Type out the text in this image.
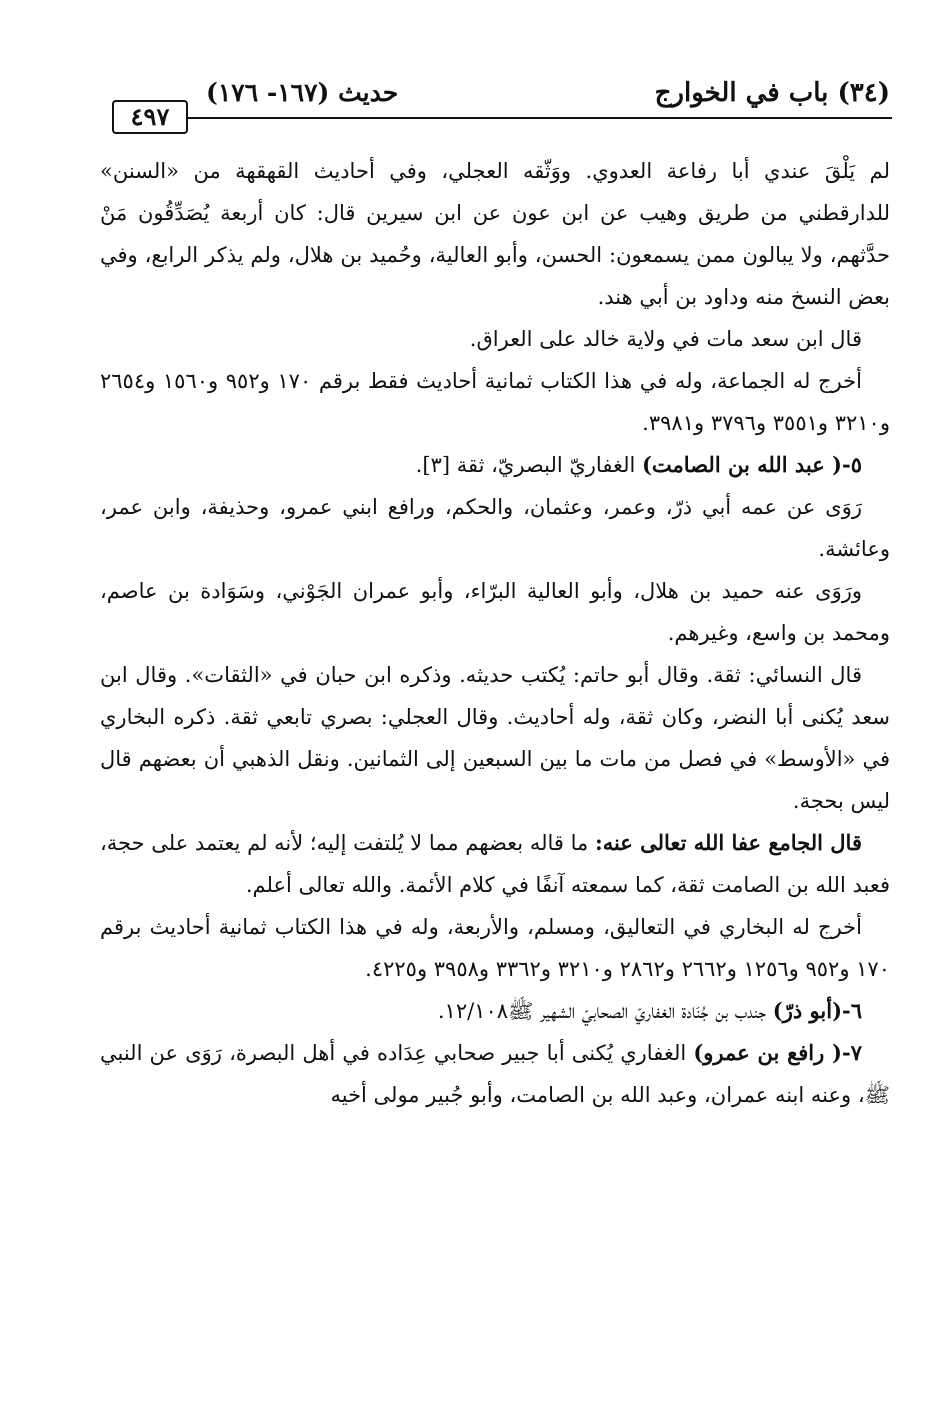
(٣٤) باب في الخوارج
حديث (١٦٧- ١٧٦)
٤٩٧

لم يَلْقَ عندي أبا رفاعة العدوي. ووَثّقه العجلي، وفي أحاديث القهقهة من «السنن» للدارقطني من طريق وهيب عن ابن عون عن ابن سيرين قال: كان أربعة يُصَدِّقُون مَنْ حدَّثهم، ولا يبالون ممن يسمعون: الحسن، وأبو العالية، وحُميد بن هلال، ولم يذكر الرابع، وفي بعض النسخ منه وداود بن أبي هند.

قال ابن سعد مات في ولاية خالد على العراق.

أخرج له الجماعة، وله في هذا الكتاب ثمانية أحاديث فقط برقم ١٧٠ و٩٥٢ و١٥٦٠ و٢٦٥٤ و٣٢١٠ و٣٥٥١ و٣٧٩٦ و٣٩٨١.

٥-( عبد الله بن الصامت) الغفاريّ البصريّ، ثقة [٣].

رَوَى عن عمه أبي ذرّ، وعمر، وعثمان، والحكم، ورافع ابني عمرو، وحذيفة، وابن عمر، وعائشة.

ورَوَى عنه حميد بن هلال، وأبو العالية البرّاء، وأبو عمران الجَوْني، وسَوَادة بن عاصم، ومحمد بن واسع، وغيرهم.

قال النسائي: ثقة. وقال أبو حاتم: يُكتب حديثه. وذكره ابن حبان في «الثقات». وقال ابن سعد يُكنى أبا النضر، وكان ثقة، وله أحاديث. وقال العجلي: بصري تابعي ثقة. ذكره البخاري في «الأوسط» في فصل من مات ما بين السبعين إلى الثمانين. ونقل الذهبي أن بعضهم قال ليس بحجة.

قال الجامع عفا الله تعالى عنه: ما قاله بعضهم مما لا يُلتفت إليه؛ لأنه لم يعتمد على حجة، فعبد الله بن الصامت ثقة، كما سمعته آنفًا في كلام الأئمة. والله تعالى أعلم.

أخرج له البخاري في التعاليق، ومسلم، والأربعة، وله في هذا الكتاب ثمانية أحاديث برقم ١٧٠ و٩٥٢ و١٢٥٦ و٢٦٦٢ و٢٨٦٢ و٣٢١٠ و٣٣٦٢ و٣٩٥٨ و٤٢٢٥.

٦-(أبو ذرّ) جندب بن جُنَادة الغفاريّ الصحابيّ الشهير ﷺ١٢/١٠٨.

٧-( رافع بن عمرو) الغفاري يُكنى أبا جبير صحابي عِدَاده في أهل البصرة، رَوَى عن النبي ﷺ، وعنه ابنه عمران، وعبد الله بن الصامت، وأبو جُبير مولى أخيه
